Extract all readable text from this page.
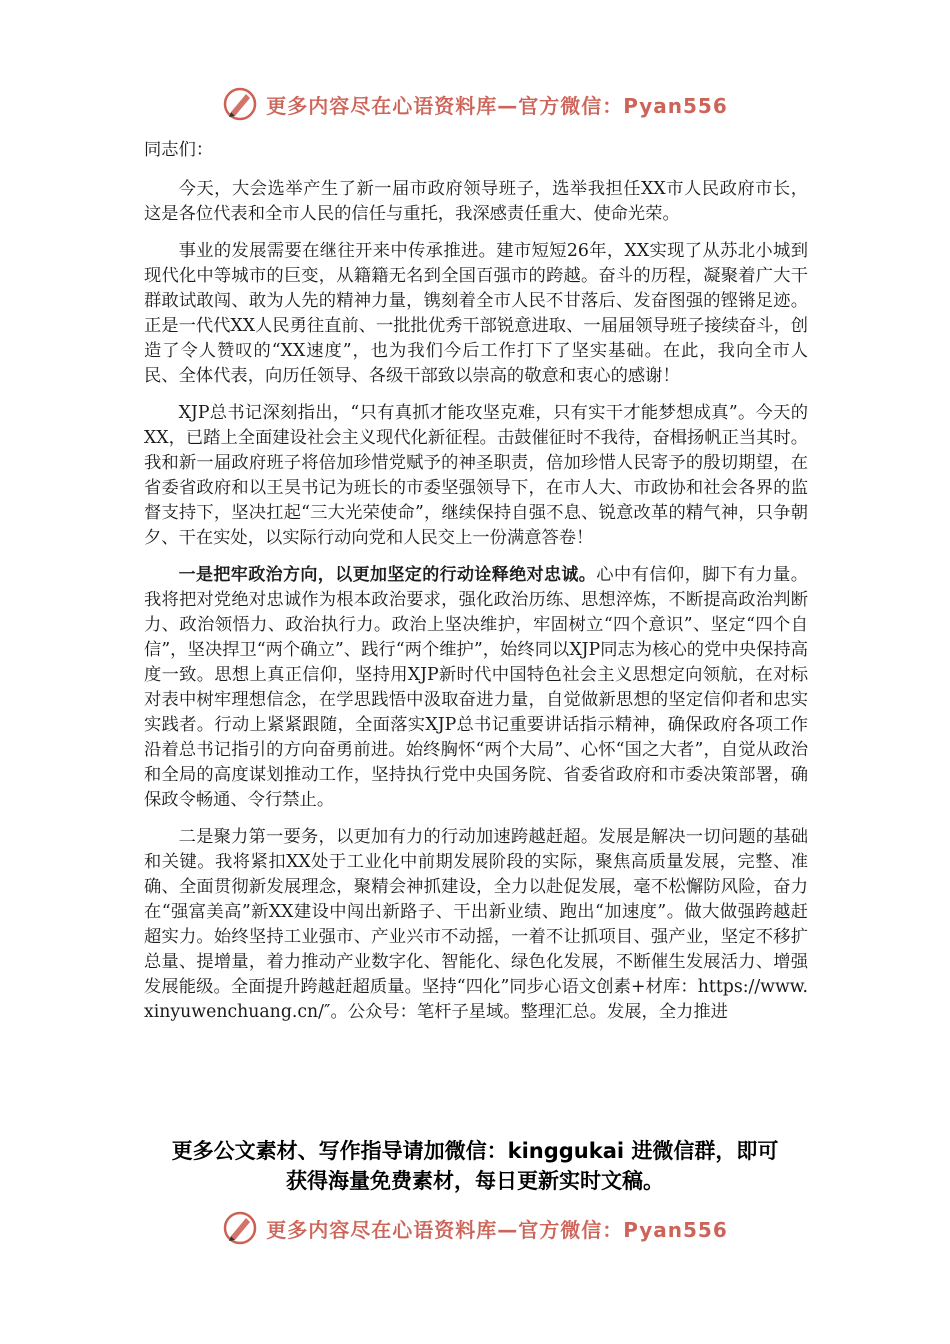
更多内容尽在心语资料库—官方微信：Pyan556

同志们：

今天，大会选举产生了新一届市政府领导班子，选举我担任XX市人民政府市长，这是各位代表和全市人民的信任与重托，我深感责任重大、使命光荣。

事业的发展需要在继往开来中传承推进。建市短短26年，XX实现了从苏北小城到现代化中等城市的巨变，从籍籍无名到全国百强市的跨越。奋斗的历程，凝聚着广大干群敢试敢闯、敢为人先的精神力量，镌刻着全市人民不甘落后、发奋图强的铿锵足迹。正是一代代XX人民勇往直前、一批批优秀干部锐意进取、一届届领导班子接续奋斗，创造了令人赞叹的“XX速度”，也为我们今后工作打下了坚实基础。在此，我向全市人民、全体代表，向历任领导、各级干部致以崇高的敬意和衷心的感谢！

XJP总书记深刻指出，“只有真抓才能攻坚克难，只有实干才能梦想成真”。今天的XX，已踏上全面建设社会主义现代化新征程。击鼓催征时不我待，奋楫扬帆正当其时。我和新一届政府班子将倍加珍惜党赋予的神圣职责，倍加珍惜人民寄予的殷切期望，在省委省政府和以王昊书记为班长的市委坚强领导下，在市人大、市政协和社会各界的监督支持下，坚决扛起“三大光荣使命”，继续保持自强不息、锐意改革的精气神，只争朝夕、干在实处，以实际行动向党和人民交上一份满意答卷！

一是把牢政治方向，以更加坚定的行动诠释绝对忠诚。心中有信仰，脚下有力量。我将把对党绝对忠诚作为根本政治要求，强化政治历练、思想淬炼，不断提高政治判断力、政治领悟力、政治执行力。政治上坚决维护，牢固树立“四个意识”、坚定“四个自信”，坚决捍卫“两个确立”、践行“两个维护”，始终同以XJP同志为核心的党中央保持高度一致。思想上真正信仰，坚持用XJP新时代中国特色社会主义思想定向领航，在对标对表中树牢理想信念，在学思践悟中汲取奋进力量，自觉做新思想的坚定信仰者和忠实实践者。行动上紧紧跟随，全面落实XJP总书记重要讲话指示精神，确保政府各项工作沿着总书记指引的方向奋勇前进。始终胸怀“两个大局”、心怀“国之大者”，自觉从政治和全局的高度谋划推动工作，坚持执行党中央国务院、省委省政府和市委决策部署，确保政令畅通、令行禁止。

二是聚力第一要务，以更加有力的行动加速跨越赶超。发展是解决一切问题的基础和关键。我将紧扣XX处于工业化中前期发展阶段的实际，聚焦高质量发展，完整、准确、全面贯彻新发展理念，聚精会神抓建设，全力以赴促发展，毫不松懈防风险，奋力在“强富美高”新XX建设中闯出新路子、干出新业绩、跑出“加速度”。做大做强跨越赶超实力。始终坚持工业强市、产业兴市不动摇，一着不让抓项目、强产业，坚定不移扩总量、提增量，着力推动产业数字化、智能化、绿色化发展，不断催生发展活力、增强发展能级。全面提升跨越赶超质量。坚持“四化”同步心语文创素+材库：https://www.xinyuwenchuang.cn/″。公众号：笔杆子星域。整理汇总。发展，全力推进

更多公文素材、写作指导请加微信：kinggukai 进微信群，即可
获得海量免费素材，每日更新实时文稿。
更多内容尽在心语资料库—官方微信：Pyan556
